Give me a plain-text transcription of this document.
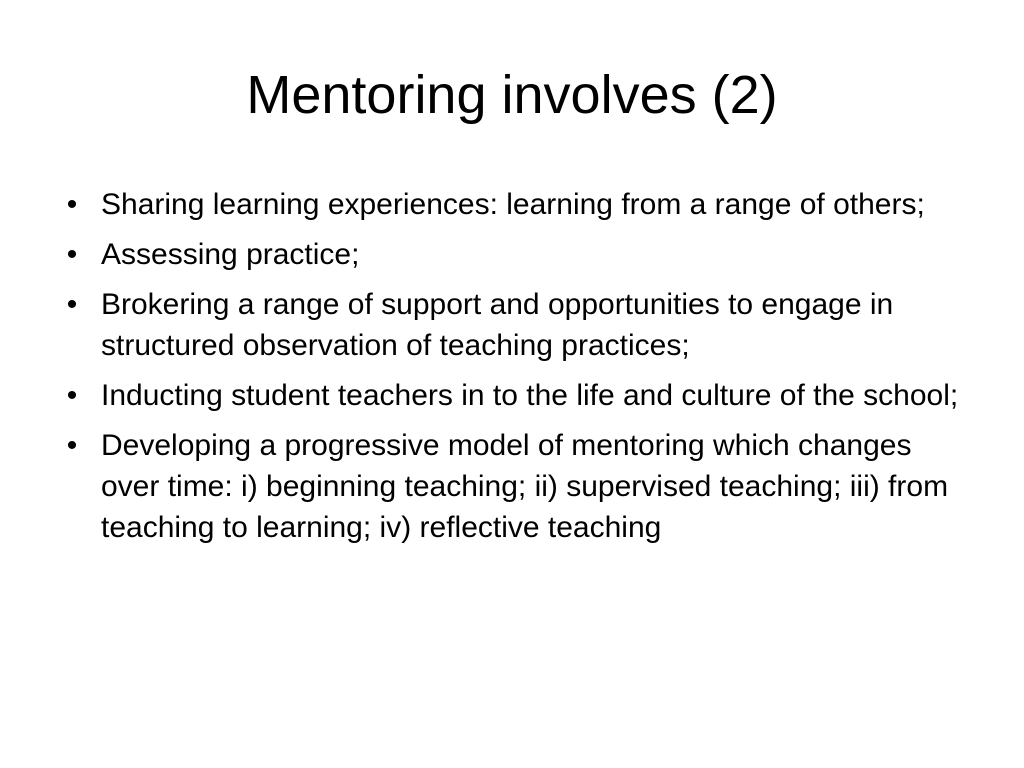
Mentoring involves (2)
• Sharing learning experiences: learning from a range of others;
• Assessing practice;
• Brokering a range of support and opportunities to engage in structured observation of teaching practices;
• Inducting student teachers in to the life and culture of the school;
• Developing a progressive model of mentoring which changes over time: i) beginning teaching; ii) supervised teaching; iii) from teaching to learning; iv) reflective teaching
